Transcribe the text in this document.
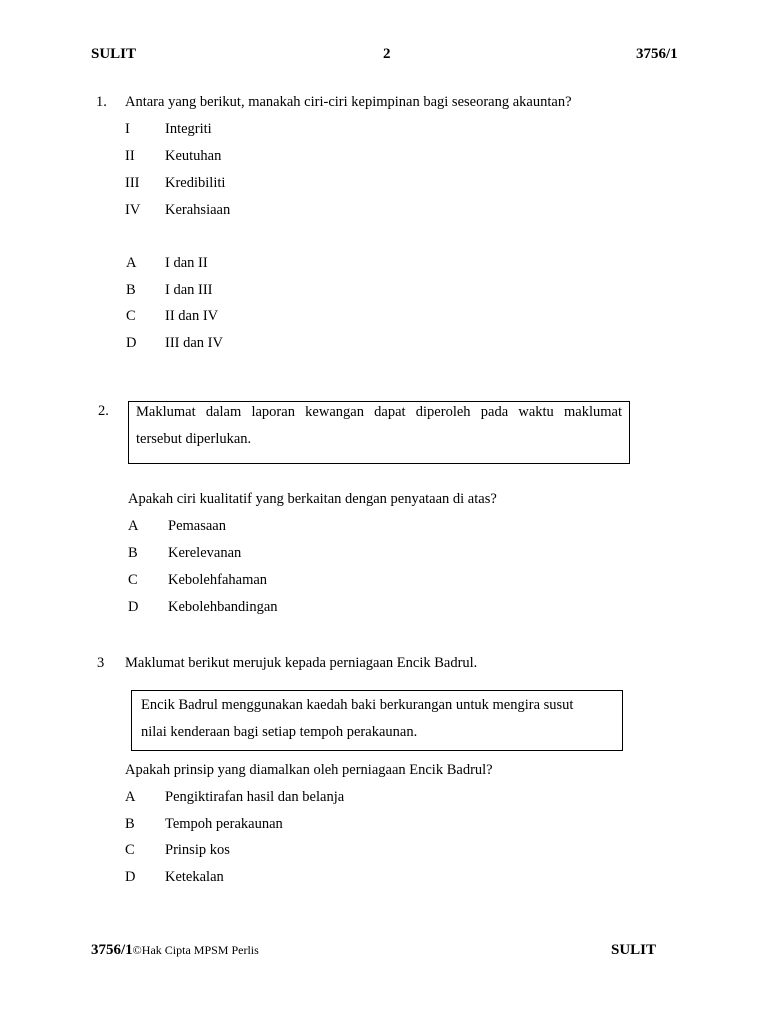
SULIT	2	3756/1
1. Antara yang berikut, manakah ciri-ciri kepimpinan bagi seseorang akauntan?
I Integriti
II Keutuhan
III Kredibiliti
IV Kerahsiaan
A I dan II
B I dan III
C II dan IV
D III dan IV
2. Maklumat dalam laporan kewangan dapat diperoleh pada waktu maklumat
tersebut diperlukan.
Apakah ciri kualitatif yang berkaitan dengan penyataan di atas?
A Pemasaan
B Kerelevanan
C Kebolehfahaman
D Kebolehbandingan
3 Maklumat berikut merujuk kepada perniagaan Encik Badrul.
Encik Badrul menggunakan kaedah baki berkurangan untuk mengira susut
nilai kenderaan bagi setiap tempoh perakaunan.
Apakah prinsip yang diamalkan oleh perniagaan Encik Badrul?
A Pengiktirafan hasil dan belanja
B Tempoh perakaunan
C Prinsip kos
D Ketekalan
3756/1©Hak Cipta MPSM Perlis	SULIT
